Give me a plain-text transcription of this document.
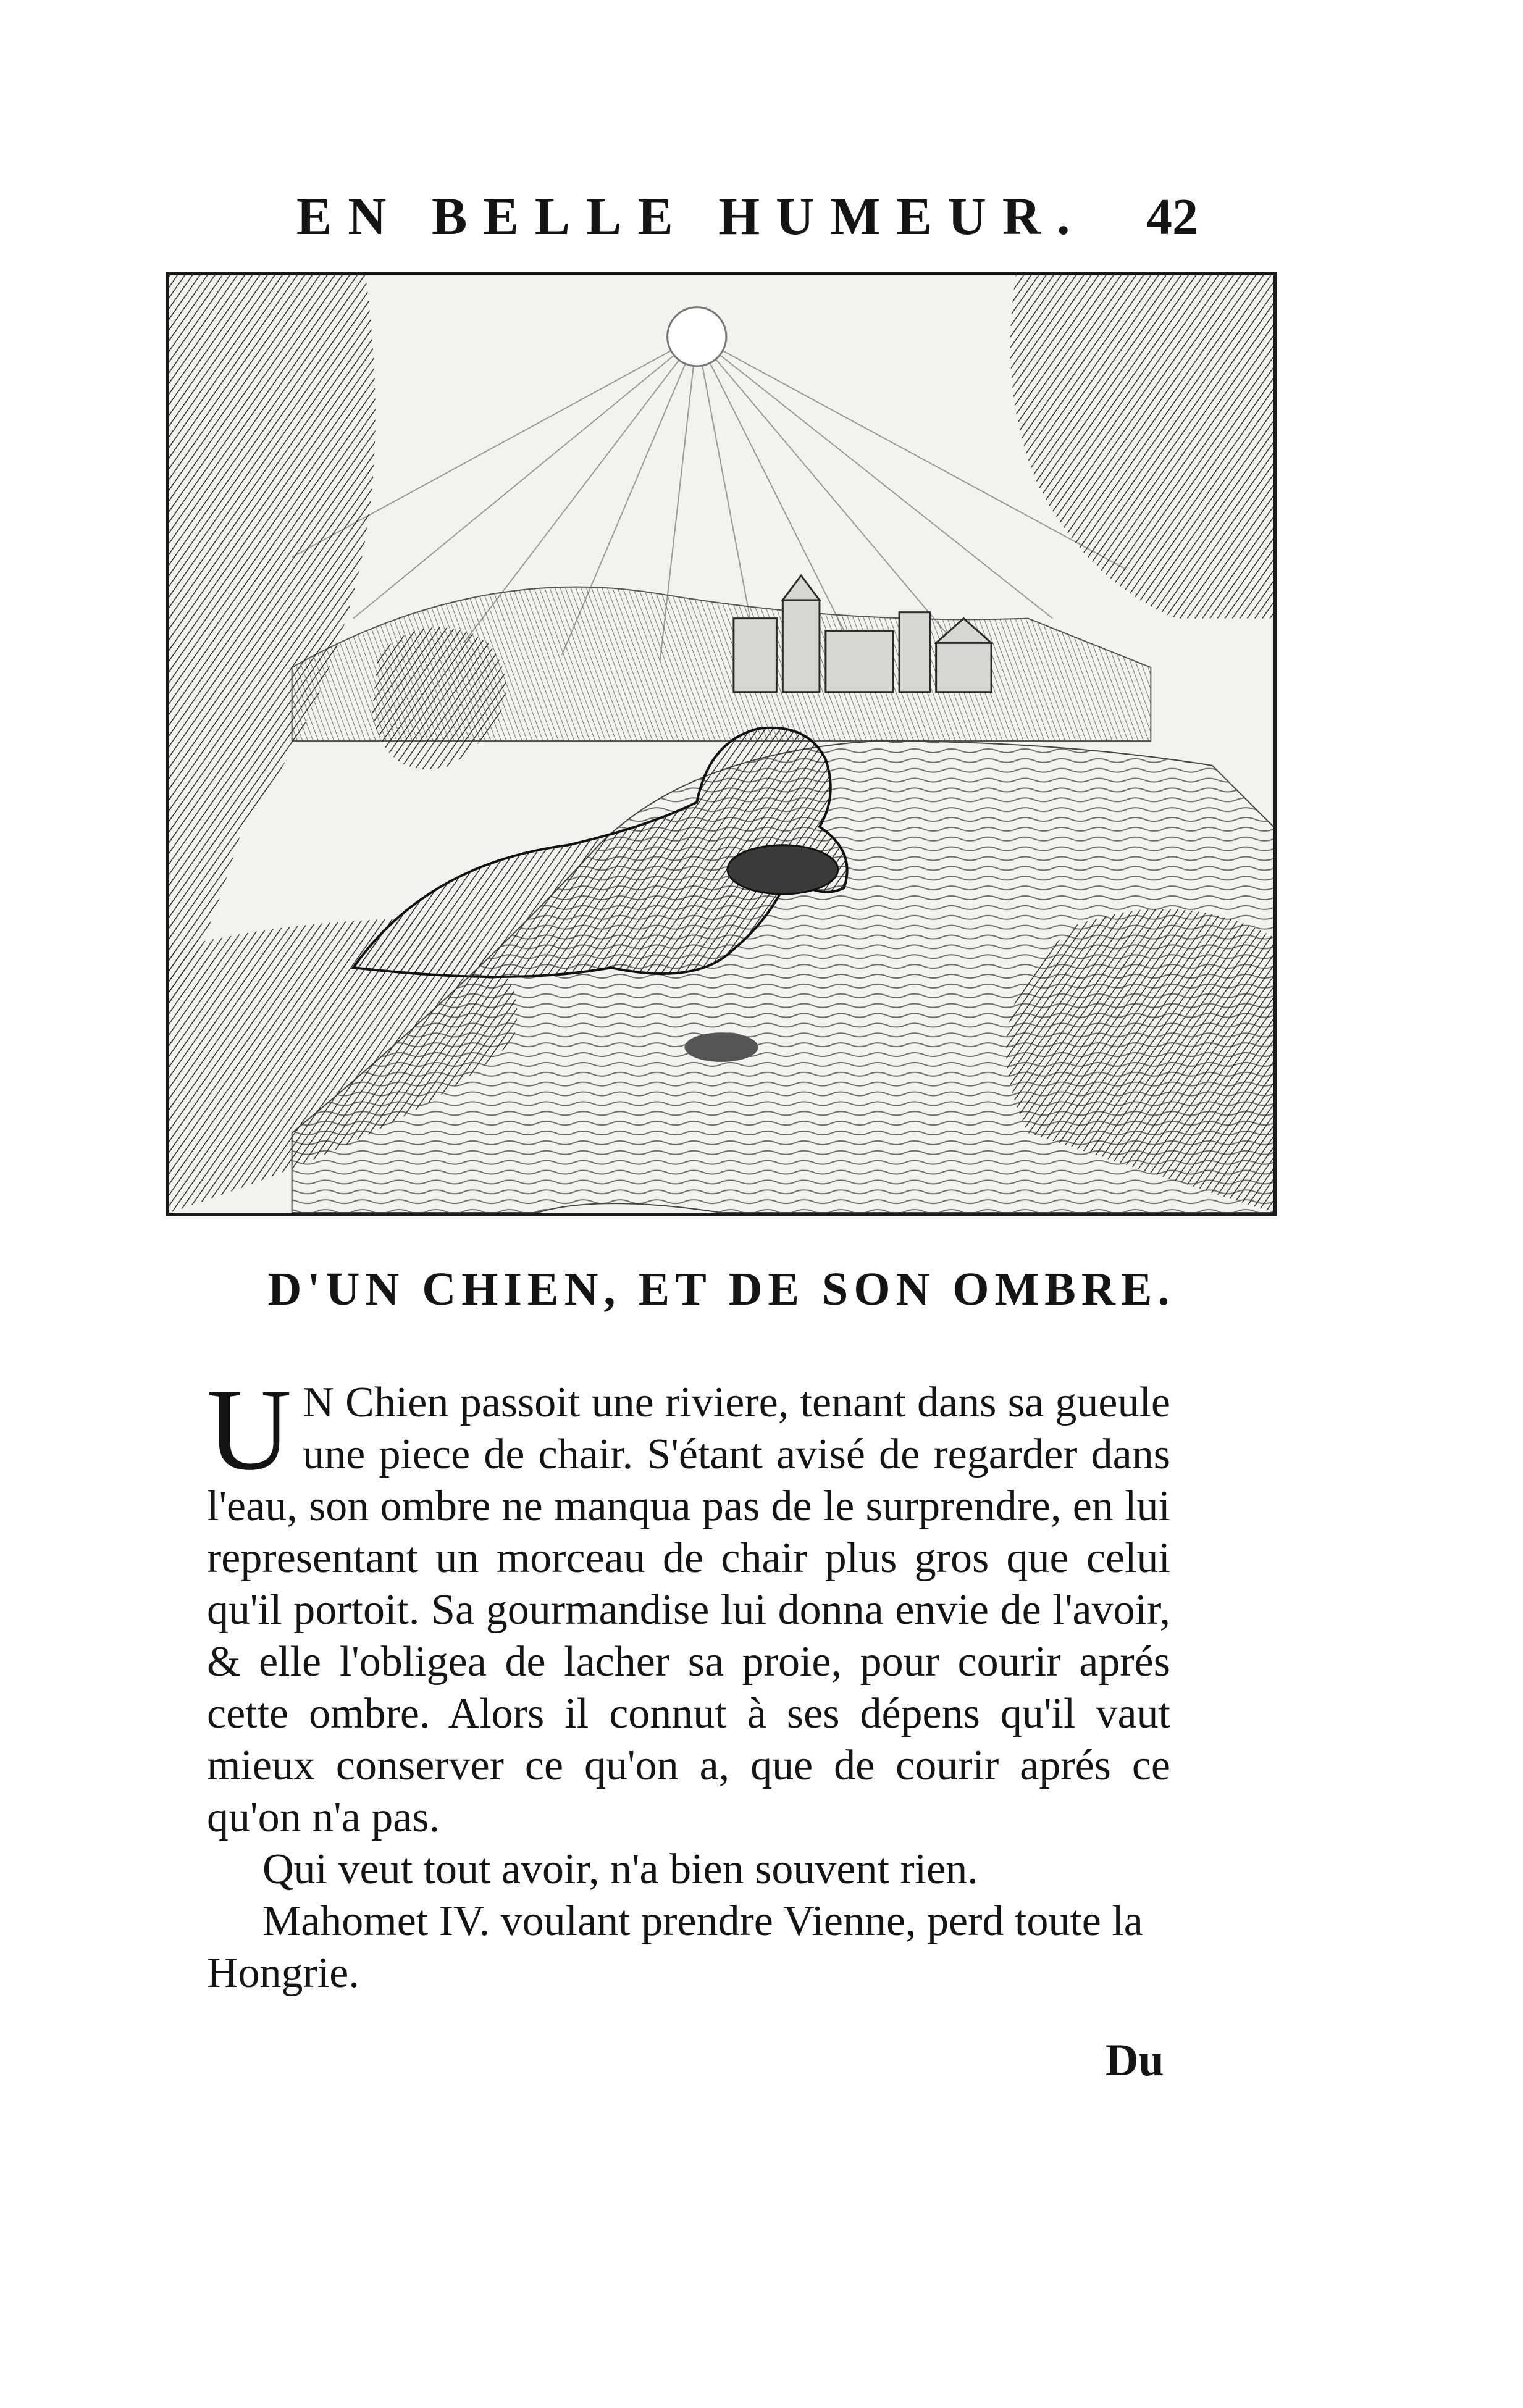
EN BELLE HUMEUR. 42
D'UN CHIEN, ET DE SON OMBRE.

U N Chien passoit une riviere, tenant dans sa gueule une piece de chair. S'étant avisé de regarder dans l'eau, son ombre ne manqua pas de le surprendre, en lui representant un morceau de chair plus gros que celui qu'il portoit. Sa gourmandise lui donna envie de l'avoir, & elle l'obligea de lacher sa proie, pour courir aprés cette ombre. Alors il connut à ses dépens qu'il vaut mieux conserver ce qu'on a, que de courir aprés ce qu'on n'a pas.

Qui veut tout avoir, n'a bien souvent rien.

Mahomet IV. voulant prendre Vienne, perd toute la Hongrie.

Du
